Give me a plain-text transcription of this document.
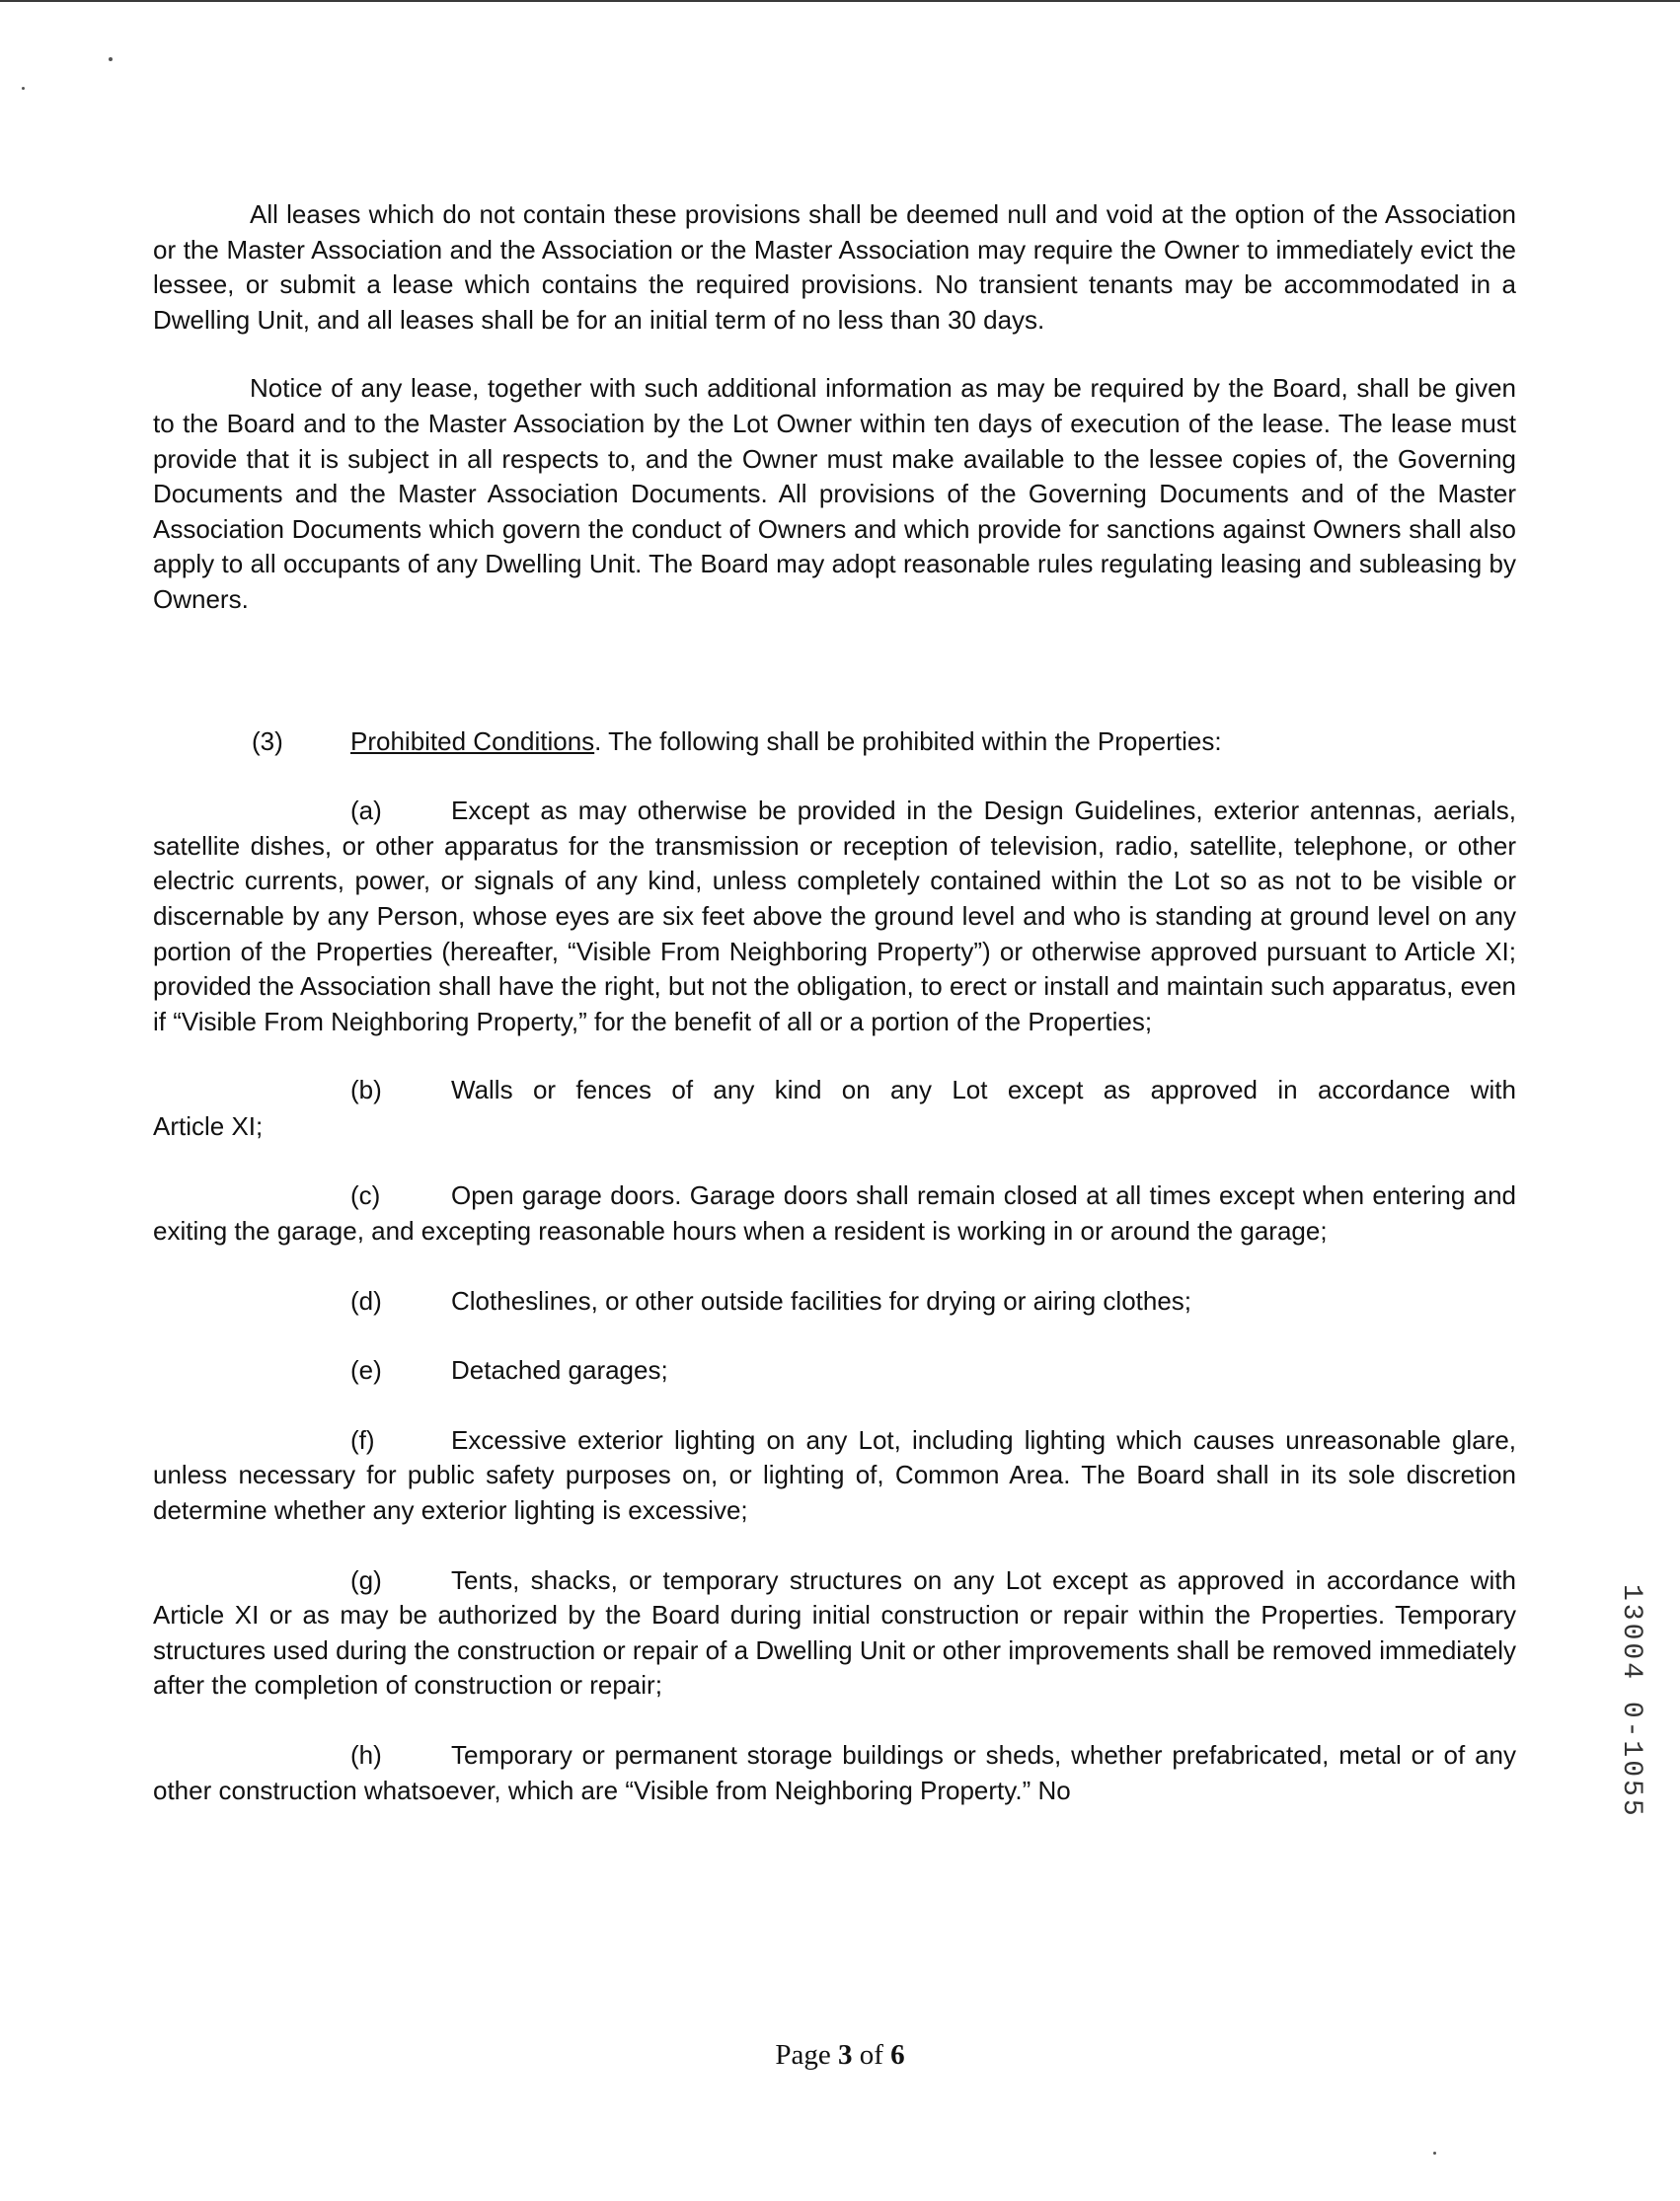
All leases which do not contain these provisions shall be deemed null and void at the option of the Association or the Master Association and the Association or the Master Association may require the Owner to immediately evict the lessee, or submit a lease which contains the required provisions. No transient tenants may be accommodated in a Dwelling Unit, and all leases shall be for an initial term of no less than 30 days.

Notice of any lease, together with such additional information as may be required by the Board, shall be given to the Board and to the Master Association by the Lot Owner within ten days of execution of the lease. The lease must provide that it is subject in all respects to, and the Owner must make available to the lessee copies of, the Governing Documents and the Master Association Documents. All provisions of the Governing Documents and of the Master Association Documents which govern the conduct of Owners and which provide for sanctions against Owners shall also apply to all occupants of any Dwelling Unit. The Board may adopt reasonable rules regulating leasing and subleasing by Owners.

(3)	Prohibited Conditions. The following shall be prohibited within the Properties:

(a)	Except as may otherwise be provided in the Design Guidelines, exterior antennas, aerials, satellite dishes, or other apparatus for the transmission or reception of television, radio, satellite, telephone, or other electric currents, power, or signals of any kind, unless completely contained within the Lot so as not to be visible or discernable by any Person, whose eyes are six feet above the ground level and who is standing at ground level on any portion of the Properties (hereafter, “Visible From Neighboring Property”) or otherwise approved pursuant to Article XI; provided the Association shall have the right, but not the obligation, to erect or install and maintain such apparatus, even if “Visible From Neighboring Property,” for the benefit of all or a portion of the Properties;

(b)	Walls or fences of any kind on any Lot except as approved in accordance with
Article XI;

(c)	Open garage doors. Garage doors shall remain closed at all times except when entering and exiting the garage, and excepting reasonable hours when a resident is working in or around the garage;

(d)	Clotheslines, or other outside facilities for drying or airing clothes;
(e)	Detached garages;

(f)	Excessive exterior lighting on any Lot, including lighting which causes unreasonable glare, unless necessary for public safety purposes on, or lighting of, Common Area. The Board shall in its sole discretion determine whether any exterior lighting is excessive;

(g)	Tents, shacks, or temporary structures on any Lot except as approved in accordance with Article XI or as may be authorized by the Board during initial construction or repair within the Properties. Temporary structures used during the construction or repair of a Dwelling Unit or other improvements shall be removed immediately after the completion of construction or repair;

(h)	Temporary or permanent storage buildings or sheds, whether prefabricated, metal or of any other construction whatsoever, which are “Visible from Neighboring Property.” No	13004 0-1055
Page 3 of 6
